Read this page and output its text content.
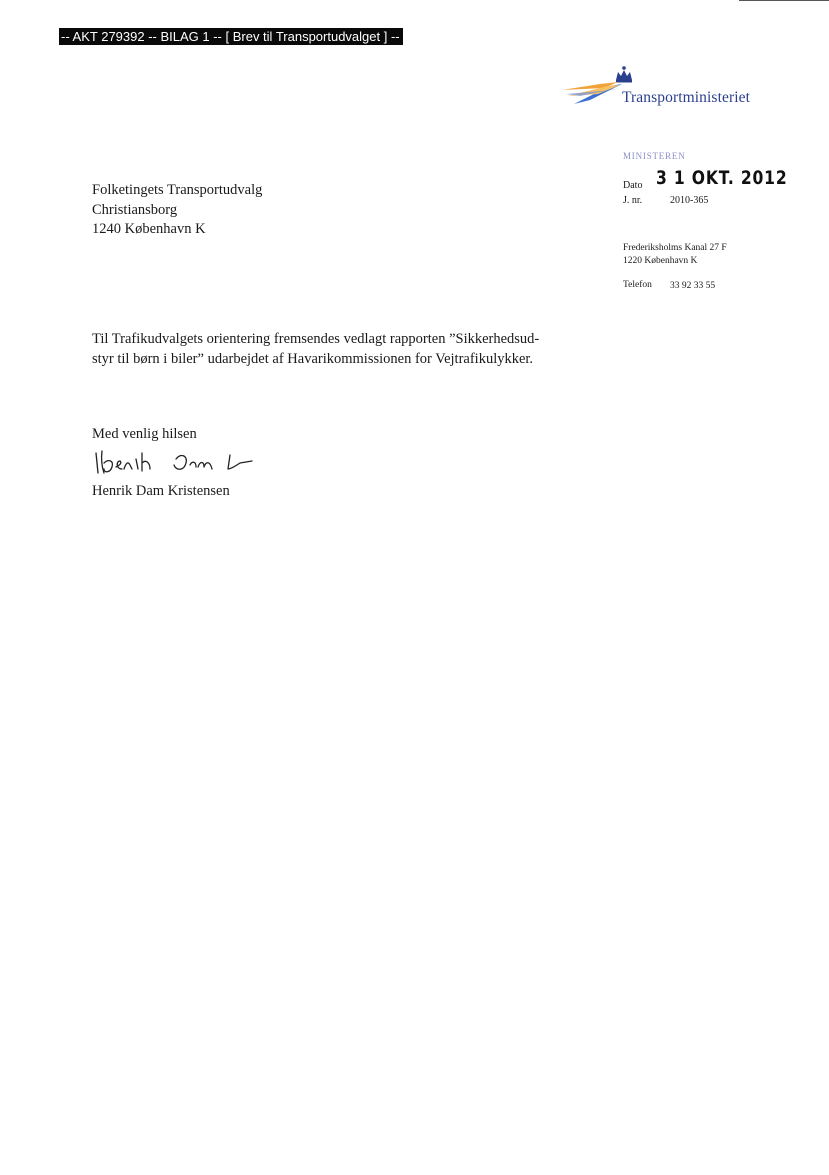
-- AKT 279392 -- BILAG 1 -- [ Brev til Transportudvalget ] --
Transportministeriet
MINISTEREN
Dato 3 1 OKT. 2012
J. nr.	2010-365
Frederiksholms Kanal 27 F
1220 København K
Telefon 33 92 33 55
Folketingets Transportudvalg
Christiansborg
1240 København K
Til Trafikudvalgets orientering fremsendes vedlagt rapporten ”Sikkerhedsud-
styr til børn i biler” udarbejdet af Havarikommissionen for Vejtrafikulykker.
Med venlig hilsen
Henrik Dam Kristensen
